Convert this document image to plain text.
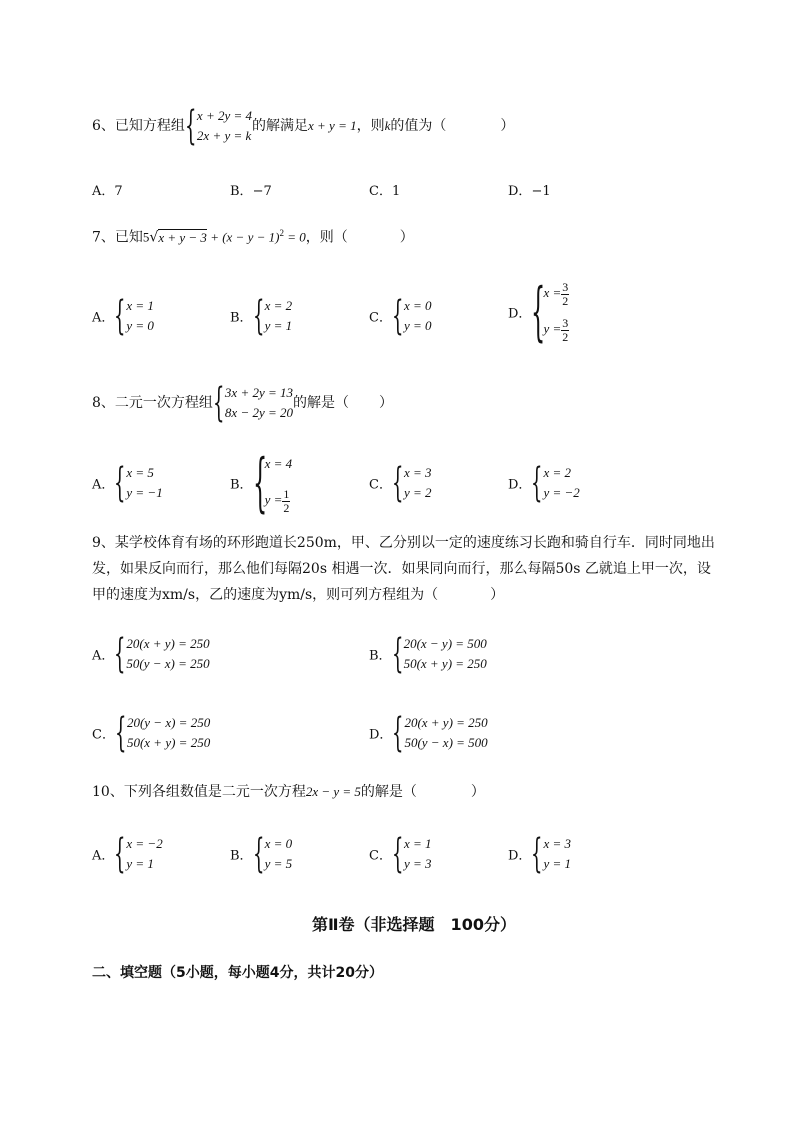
6、已知方程组 { x + 2y = 4
2x + y = k
的解满足x + y = 1，则k的值为（	）
A．7	B．−7	C．1	D．−1
7、已知$5√x + y - 3 + (x - y - 1)^2 = 0$，则（	）
A． { x = 1
y = 0	B． { x = 2
y = 1	C． { x = 0
y = 0
D． {
$x = \frac{3}{2}$
$y = \frac{3}{2}$
8、二元一次方程组 { 3x + 2y = 13
8x − 2y = 20
的解是（ ）
A． { x = 5
y = −1	B． {
x = 4
$y = \frac{1}{2}$
C． { x = 3
y = 2	D． { x = 2
y = −2
9、某学校体育有场的环形跑道长250m，甲、乙分别以一定的速度练习长跑和骑自行车．同时同地出
发，如果反向而行，那么他们每隔20s 相遇一次．如果同向而行，那么每隔50s 乙就追上甲一次，设
甲的速度为xm/s，乙的速度为ym/s，则可列方程组为（	）
A． { 20(x + y) = 250
50(y − x) = 250	B． { 20(x − y) = 500
50(x + y) = 250
C． { 20(y − x) = 250
50(x + y) = 250	D． { 20(x + y) = 250
50(y − x) = 500
10、下列各组数值是二元一次方程2x − y = 5的解是（	）
A． { x = −2
y = 1	B． { x = 0
y = 5	C． { x = 1
y = 3	D． { x = 3
y = 1
第Ⅱ卷（非选择题　100分）
二、填空题（5小题，每小题4分，共计20分）
